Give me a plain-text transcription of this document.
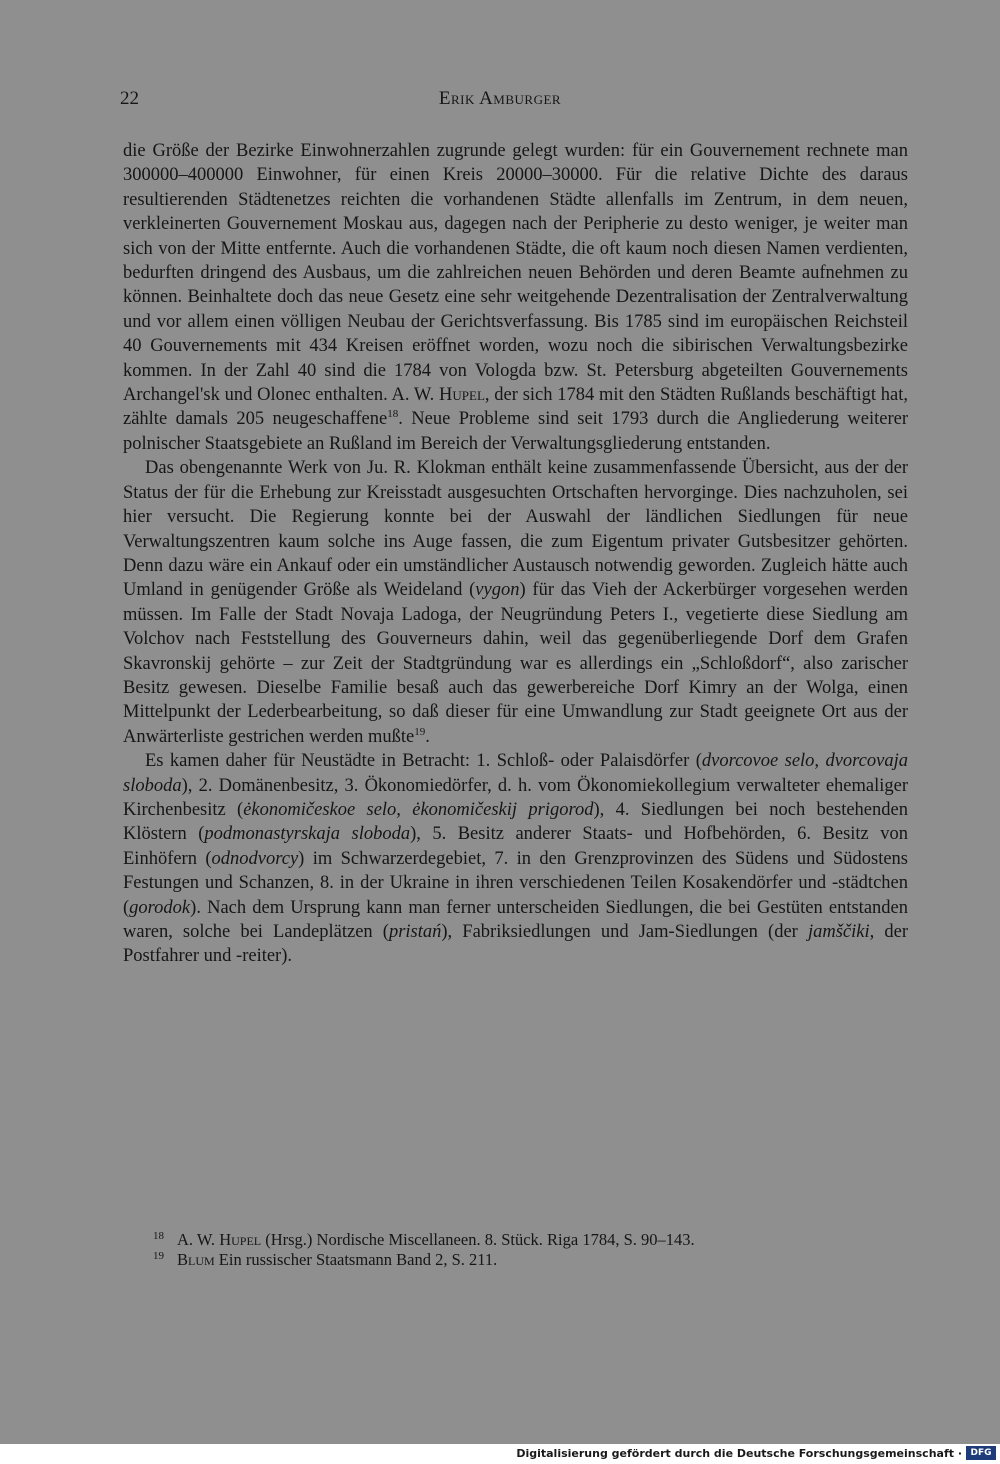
22	Erik Amburger

die Größe der Bezirke Einwohnerzahlen zugrunde gelegt wurden: für ein Gouvernement rechnete man 300000–400000 Einwohner, für einen Kreis 20000–30000. Für die relative Dichte des daraus resultierenden Städtenetzes reichten die vorhandenen Städte allenfalls im Zentrum, in dem neuen, verkleinerten Gouvernement Moskau aus, dagegen nach der Peripherie zu desto weniger, je weiter man sich von der Mitte entfernte. Auch die vorhandenen Städte, die oft kaum noch diesen Namen verdienten, bedurften dringend des Ausbaus, um die zahlreichen neuen Behörden und deren Beamte aufnehmen zu können. Beinhaltete doch das neue Gesetz eine sehr weitgehende Dezentralisation der Zentralverwaltung und vor allem einen völligen Neubau der Gerichtsverfassung. Bis 1785 sind im europäischen Reichsteil 40 Gouvernements mit 434 Kreisen eröffnet worden, wozu noch die sibirischen Verwaltungsbezirke kommen. In der Zahl 40 sind die 1784 von Vologda bzw. St. Petersburg abgeteilten Gouvernements Archangel'sk und Olonec enthalten. A. W. Hupel, der sich 1784 mit den Städten Rußlands beschäftigt hat, zählte damals 205 neugeschaffene$^{18}$. Neue Probleme sind seit 1793 durch die Angliederung weiterer polnischer Staatsgebiete an Rußland im Bereich der Verwaltungsgliederung entstanden.

Das obengenannte Werk von Ju. R. Klokman enthält keine zusammenfassende Übersicht, aus der der Status der für die Erhebung zur Kreisstadt ausgesuchten Ortschaften hervorginge. Dies nachzuholen, sei hier versucht. Die Regierung konnte bei der Auswahl der ländlichen Siedlungen für neue Verwaltungszentren kaum solche ins Auge fassen, die zum Eigentum privater Gutsbesitzer gehörten. Denn dazu wäre ein Ankauf oder ein umständlicher Austausch notwendig geworden. Zugleich hätte auch Umland in genügender Größe als Weideland (vygon) für das Vieh der Ackerbürger vorgesehen werden müssen. Im Falle der Stadt Novaja Ladoga, der Neugründung Peters I., vegetierte diese Siedlung am Volchov nach Feststellung des Gouverneurs dahin, weil das gegenüberliegende Dorf dem Grafen Skavronskij gehörte – zur Zeit der Stadtgründung war es allerdings ein „Schloßdorf“, also zarischer Besitz gewesen. Dieselbe Familie besaß auch das gewerbereiche Dorf Kimry an der Wolga, einen Mittelpunkt der Lederbearbeitung, so daß dieser für eine Umwandlung zur Stadt geeignete Ort aus der Anwärterliste gestrichen werden mußte$^{19}$.

Es kamen daher für Neustädte in Betracht: 1. Schloß- oder Palaisdörfer (dvorcovoe selo, dvorcovaja sloboda), 2. Domänenbesitz, 3. Ökonomiedörfer, d. h. vom Ökonomiekollegium verwalteter ehemaliger Kirchenbesitz (ėkonomičeskoe selo, ėkonomičeskij prigorod), 4. Siedlungen bei noch bestehenden Klöstern (podmonastyrskaja sloboda), 5. Besitz anderer Staats- und Hofbehörden, 6. Besitz von Einhöfern (odnodvorcy) im Schwarzerdegebiet, 7. in den Grenzprovinzen des Südens und Südostens Festungen und Schanzen, 8. in der Ukraine in ihren verschiedenen Teilen Kosakendörfer und -städtchen (gorodok). Nach dem Ursprung kann man ferner unterscheiden Siedlungen, die bei Gestüten entstanden waren, solche bei Landeplätzen (pristań), Fabriksiedlungen und Jam-Siedlungen (der jamščiki, der Postfahrer und -reiter).

18 A. W. Hupel (Hrsg.) Nordische Miscellaneen. 8. Stück. Riga 1784, S. 90–143.
19 Blum Ein russischer Staatsmann Band 2, S. 211.
Digitalisierung gefördert durch die Deutsche Forschungsgemeinschaft · DFG
